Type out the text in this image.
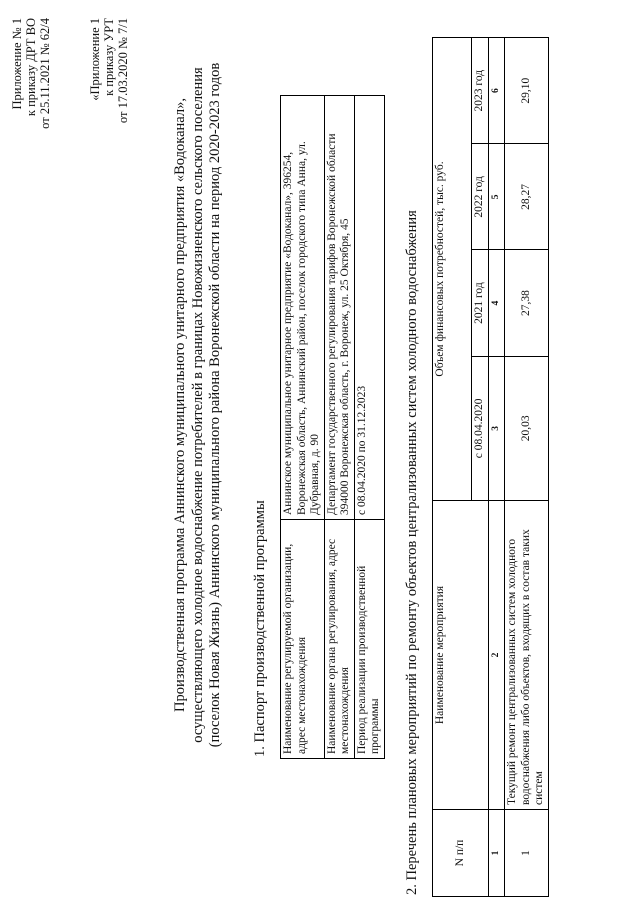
Приложение № 1 к приказу ДРТ ВО от 25.11.2021 № 62/4	«Приложение 1 к приказу УРТ от 17.03.2020 № 7/1
Производственная программа Аннинского муниципального унитарного предприятия «Водоканал», осуществляющего холодное водоснабжение потребителей в границах Новожизненского сельского поселения (поселок Новая Жизнь) Аннинского муниципального района Воронежской области на период 2020-2023 годов 1. Паспорт производственной программы Наименование регулируемой организации, адрес местонахождения	Аннинское муниципальное унитарное предприятие «Водоканал», 396254, Воронежская область, Аннинский район, поселок городского типа Анна, ул. Дубравная, д. 90
Наименование органа регулирования, адрес местонахождения	Департамент государственного регулирования тарифов Воронежской области 394000 Воронежская область, г. Воронеж, ул. 25 Октября, 45
Период реализации производственной программы	с 08.04.2020 по 31.12.2023	2. Перечень плановых мероприятий по ремонту объектов централизованных систем холодного водоснабжения	N п/п	Наименование мероприятия	Объем финансовых потребностей, тыс. руб.			
		с 08.04.2020	2021 год	2022 год	2023 год
1	2	3	4	5	6
1	Текущий ремонт централизованных систем холодного водоснабжения либо объектов, входящих в состав таких систем	20,03	27,38	28,27	29,10
